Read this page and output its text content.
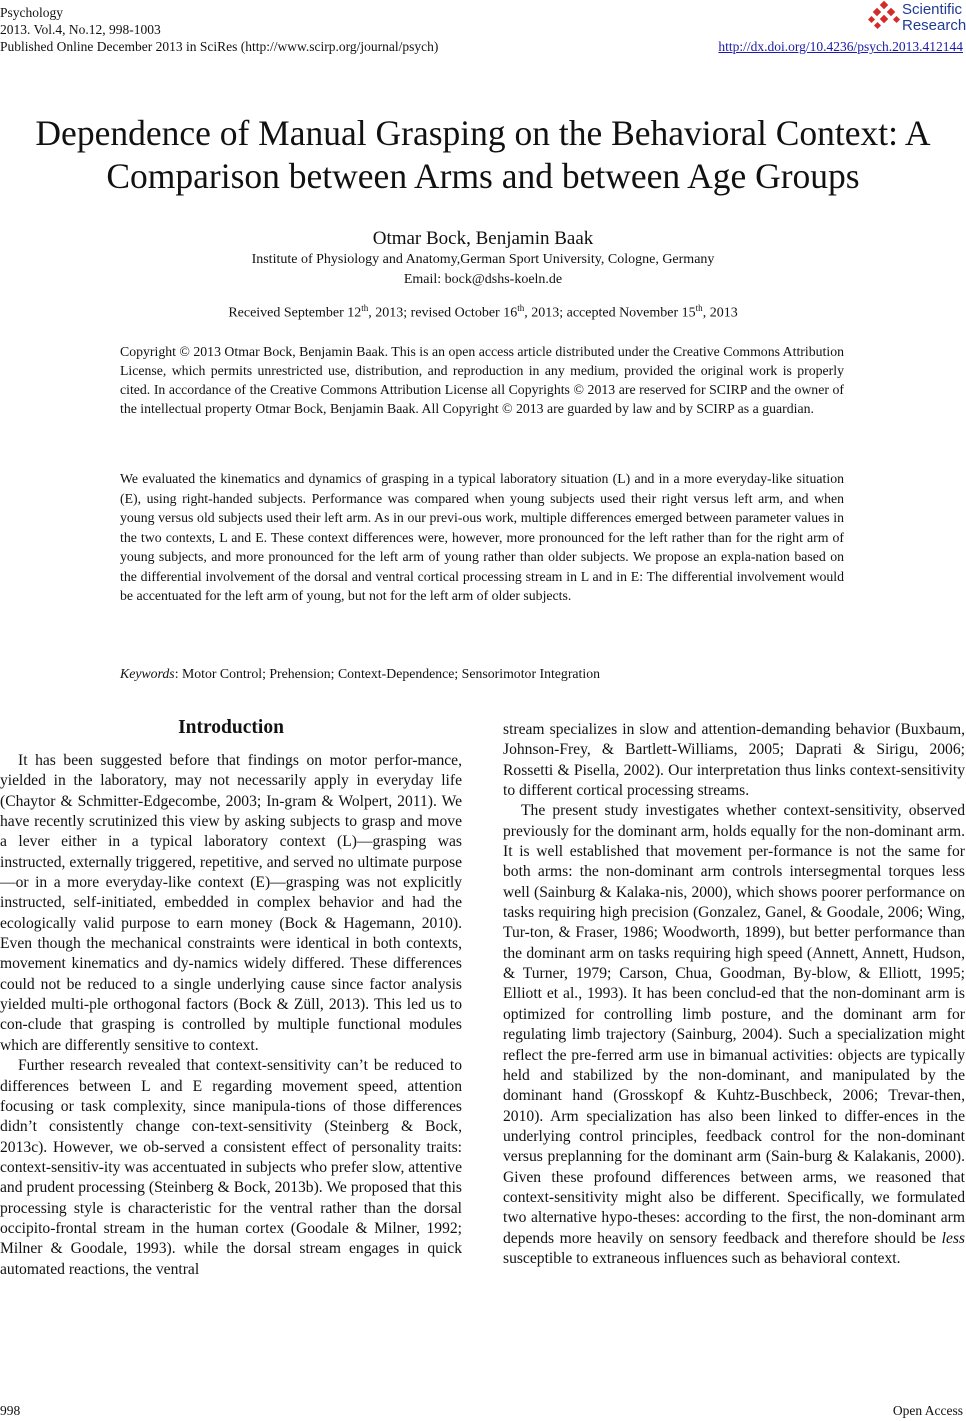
Psychology
2013. Vol.4, No.12, 998-1003
Published Online December 2013 in SciRes (http://www.scirp.org/journal/psych)	http://dx.doi.org/10.4236/psych.2013.412144
Scientific
Research
Dependence of Manual Grasping on the Behavioral Context: A
Comparison between Arms and between Age Groups
Otmar Bock, Benjamin Baak
Institute of Physiology and Anatomy,German Sport University, Cologne, Germany
Email: bock@dshs-koeln.de
Received September 12th, 2013; revised October 16th, 2013; accepted November 15th, 2013
Copyright © 2013 Otmar Bock, Benjamin Baak. This is an open access article distributed under the Creative Commons Attribution License, which permits unrestricted use, distribution, and reproduction in any medium, provided the original work is properly cited. In accordance of the Creative Commons Attribution License all Copyrights © 2013 are reserved for SCIRP and the owner of the intellectual property Otmar Bock, Benjamin Baak. All Copyright © 2013 are guarded by law and by SCIRP as a guardian.
We evaluated the kinematics and dynamics of grasping in a typical laboratory situation (L) and in a more everyday-like situation (E), using right-handed subjects. Performance was compared when young subjects used their right versus left arm, and when young versus old subjects used their left arm. As in our previ-ous work, multiple differences emerged between parameter values in the two contexts, L and E. These context differences were, however, more pronounced for the left rather than for the right arm of young subjects, and more pronounced for the left arm of young rather than older subjects. We propose an expla-nation based on the differential involvement of the dorsal and ventral cortical processing stream in L and in E: The differential involvement would be accentuated for the left arm of young, but not for the left arm of older subjects.
Keywords: Motor Control; Prehension; Context-Dependence; Sensorimotor Integration
Introduction

It has been suggested before that findings on motor perfor-mance, yielded in the laboratory, may not necessarily apply in everyday life (Chaytor & Schmitter-Edgecombe, 2003; In-gram & Wolpert, 2011). We have recently scrutinized this view by asking subjects to grasp and move a lever either in a typical laboratory context (L)—grasping was instructed, externally triggered, repetitive, and served no ultimate purpose—or in a more everyday-like context (E)—grasping was not explicitly instructed, self-initiated, embedded in complex behavior and had the ecologically valid purpose to earn money (Bock & Hagemann, 2010). Even though the mechanical constraints were identical in both contexts, movement kinematics and dy-namics widely differed. These differences could not be reduced to a single underlying cause since factor analysis yielded multi-ple orthogonal factors (Bock & Züll, 2013). This led us to con-clude that grasping is controlled by multiple functional modules which are differently sensitive to context.

Further research revealed that context-sensitivity can’t be reduced to differences between L and E regarding movement speed, attention focusing or task complexity, since manipula-tions of those differences didn’t consistently change con-text-sensitivity (Steinberg & Bock, 2013c). However, we ob-served a consistent effect of personality traits: context-sensitiv-ity was accentuated in subjects who prefer slow, attentive and prudent processing (Steinberg & Bock, 2013b). We proposed that this processing style is characteristic for the ventral rather than the dorsal occipito-frontal stream in the human cortex (Goodale & Milner, 1992; Milner & Goodale, 1993). while the dorsal stream engages in quick automated reactions, the ventral

stream specializes in slow and attention-demanding behavior (Buxbaum, Johnson-Frey, & Bartlett-Williams, 2005; Daprati & Sirigu, 2006; Rossetti & Pisella, 2002). Our interpretation thus links context-sensitivity to different cortical processing streams.

The present study investigates whether context-sensitivity, observed previously for the dominant arm, holds equally for the non-dominant arm. It is well established that movement per-formance is not the same for both arms: the non-dominant arm controls intersegmental torques less well (Sainburg & Kalaka-nis, 2000), which shows poorer performance on tasks requiring high precision (Gonzalez, Ganel, & Goodale, 2006; Wing, Tur-ton, & Fraser, 1986; Woodworth, 1899), but better performance than the dominant arm on tasks requiring high speed (Annett, Annett, Hudson, & Turner, 1979; Carson, Chua, Goodman, By-blow, & Elliott, 1995; Elliott et al., 1993). It has been conclud-ed that the non-dominant arm is optimized for controlling limb posture, and the dominant arm for regulating limb trajectory (Sainburg, 2004). Such a specialization might reflect the pre-ferred arm use in bimanual activities: objects are typically held and stabilized by the non-dominant, and manipulated by the dominant hand (Grosskopf & Kuhtz-Buschbeck, 2006; Trevar-then, 2010). Arm specialization has also been linked to differ-ences in the underlying control principles, feedback control for the non-dominant versus preplanning for the dominant arm (Sain-burg & Kalakanis, 2000). Given these profound differences between arms, we reasoned that context-sensitivity might also be different. Specifically, we formulated two alternative hypo-theses: according to the first, the non-dominant arm depends more heavily on sensory feedback and therefore should be less susceptible to extraneous influences such as behavioral context.

998	Open Access
